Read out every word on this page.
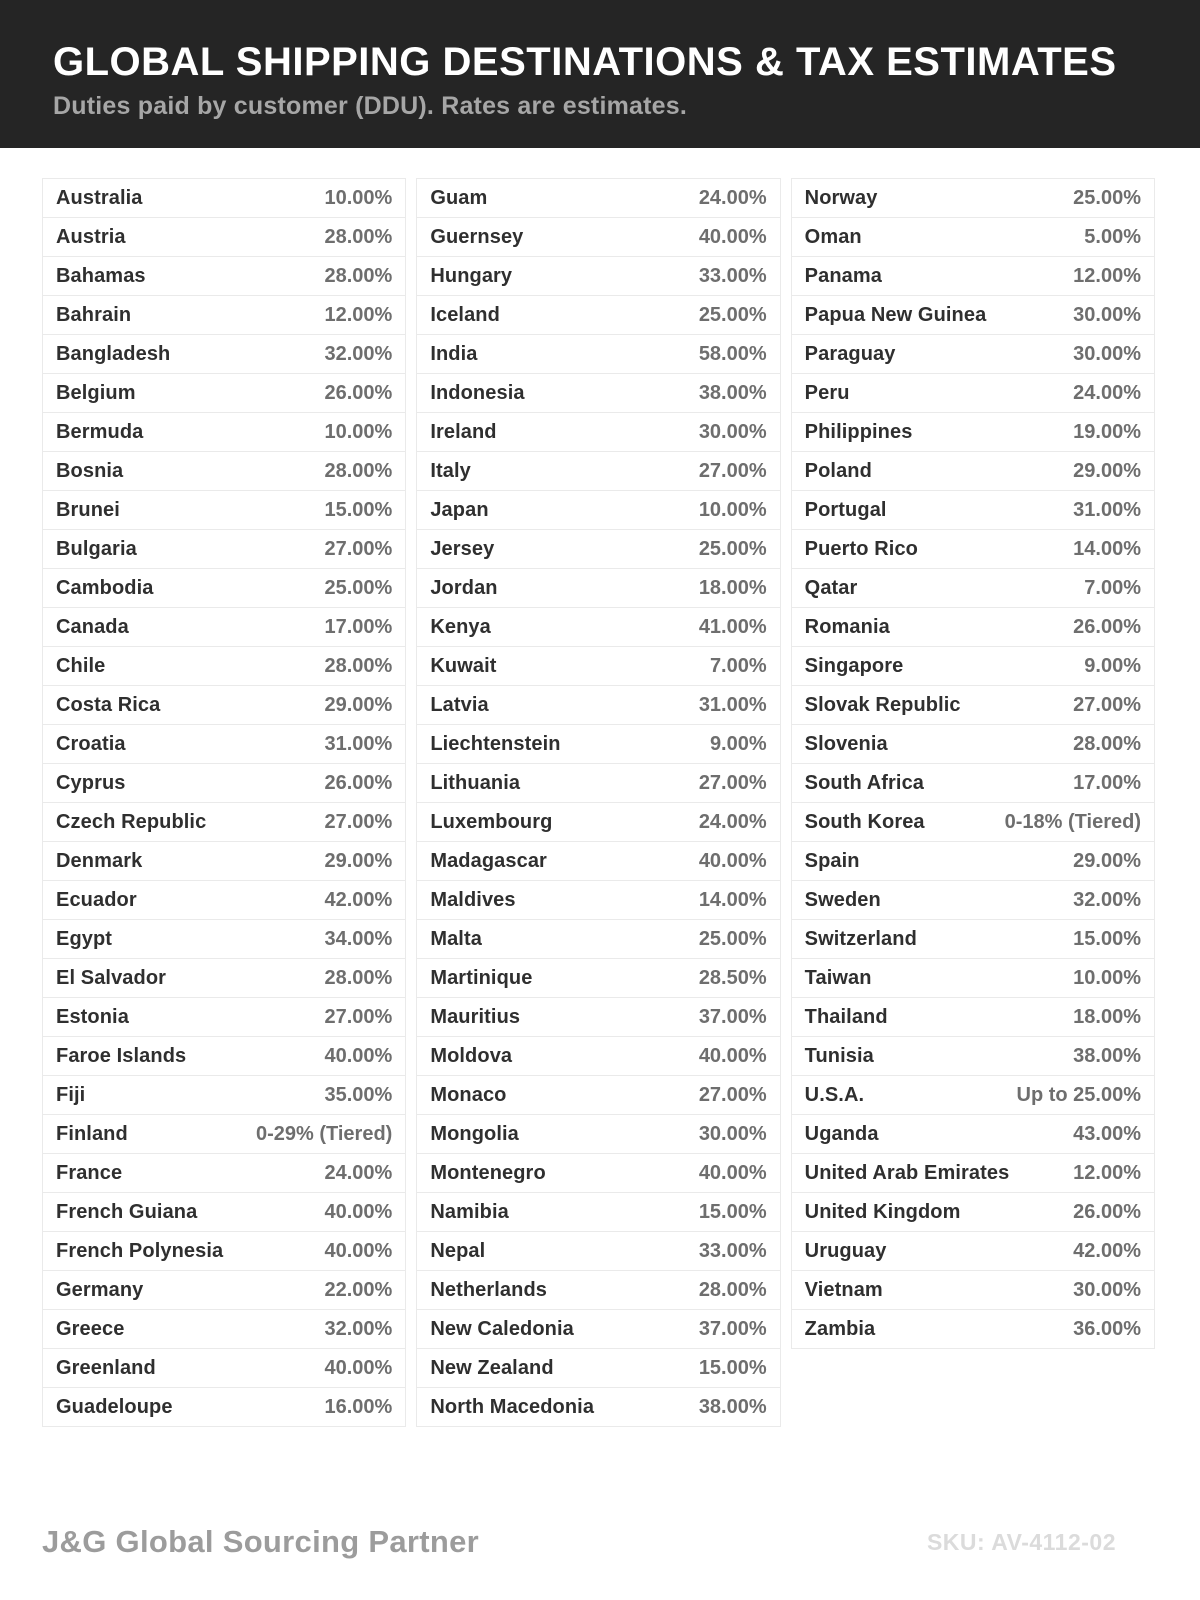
GLOBAL SHIPPING DESTINATIONS & TAX ESTIMATES
Duties paid by customer (DDU). Rates are estimates.
Australia	10.00%
Austria	28.00%
Bahamas	28.00%
Bahrain	12.00%
Bangladesh	32.00%
Belgium	26.00%
Bermuda	10.00%
Bosnia	28.00%
Brunei	15.00%
Bulgaria	27.00%
Cambodia	25.00%
Canada	17.00%
Chile	28.00%
Costa Rica	29.00%
Croatia	31.00%
Cyprus	26.00%
Czech Republic	27.00%
Denmark	29.00%
Ecuador	42.00%
Egypt	34.00%
El Salvador	28.00%
Estonia	27.00%
Faroe Islands	40.00%
Fiji	35.00%
Finland	0-29% (Tiered)
France	24.00%
French Guiana	40.00%
French Polynesia	40.00%
Germany	22.00%
Greece	32.00%
Greenland	40.00%
Guadeloupe	16.00%
Guam	24.00%
Guernsey	40.00%
Hungary	33.00%
Iceland	25.00%
India	58.00%
Indonesia	38.00%
Ireland	30.00%
Italy	27.00%
Japan	10.00%
Jersey	25.00%
Jordan	18.00%
Kenya	41.00%
Kuwait	7.00%
Latvia	31.00%
Liechtenstein	9.00%
Lithuania	27.00%
Luxembourg	24.00%
Madagascar	40.00%
Maldives	14.00%
Malta	25.00%
Martinique	28.50%
Mauritius	37.00%
Moldova	40.00%
Monaco	27.00%
Mongolia	30.00%
Montenegro	40.00%
Namibia	15.00%
Nepal	33.00%
Netherlands	28.00%
New Caledonia	37.00%
New Zealand	15.00%
North Macedonia	38.00%
Norway	25.00%
Oman	5.00%
Panama	12.00%
Papua New Guinea	30.00%
Paraguay	30.00%
Peru	24.00%
Philippines	19.00%
Poland	29.00%
Portugal	31.00%
Puerto Rico	14.00%
Qatar	7.00%
Romania	26.00%
Singapore	9.00%
Slovak Republic	27.00%
Slovenia	28.00%
South Africa	17.00%
South Korea	0-18% (Tiered)
Spain	29.00%
Sweden	32.00%
Switzerland	15.00%
Taiwan	10.00%
Thailand	18.00%
Tunisia	38.00%
U.S.A.	Up to 25.00%
Uganda	43.00%
United Arab Emirates	12.00%
United Kingdom	26.00%
Uruguay	42.00%
Vietnam	30.00%
Zambia	36.00%
J&G Global Sourcing Partner	SKU: AV-4112-02
